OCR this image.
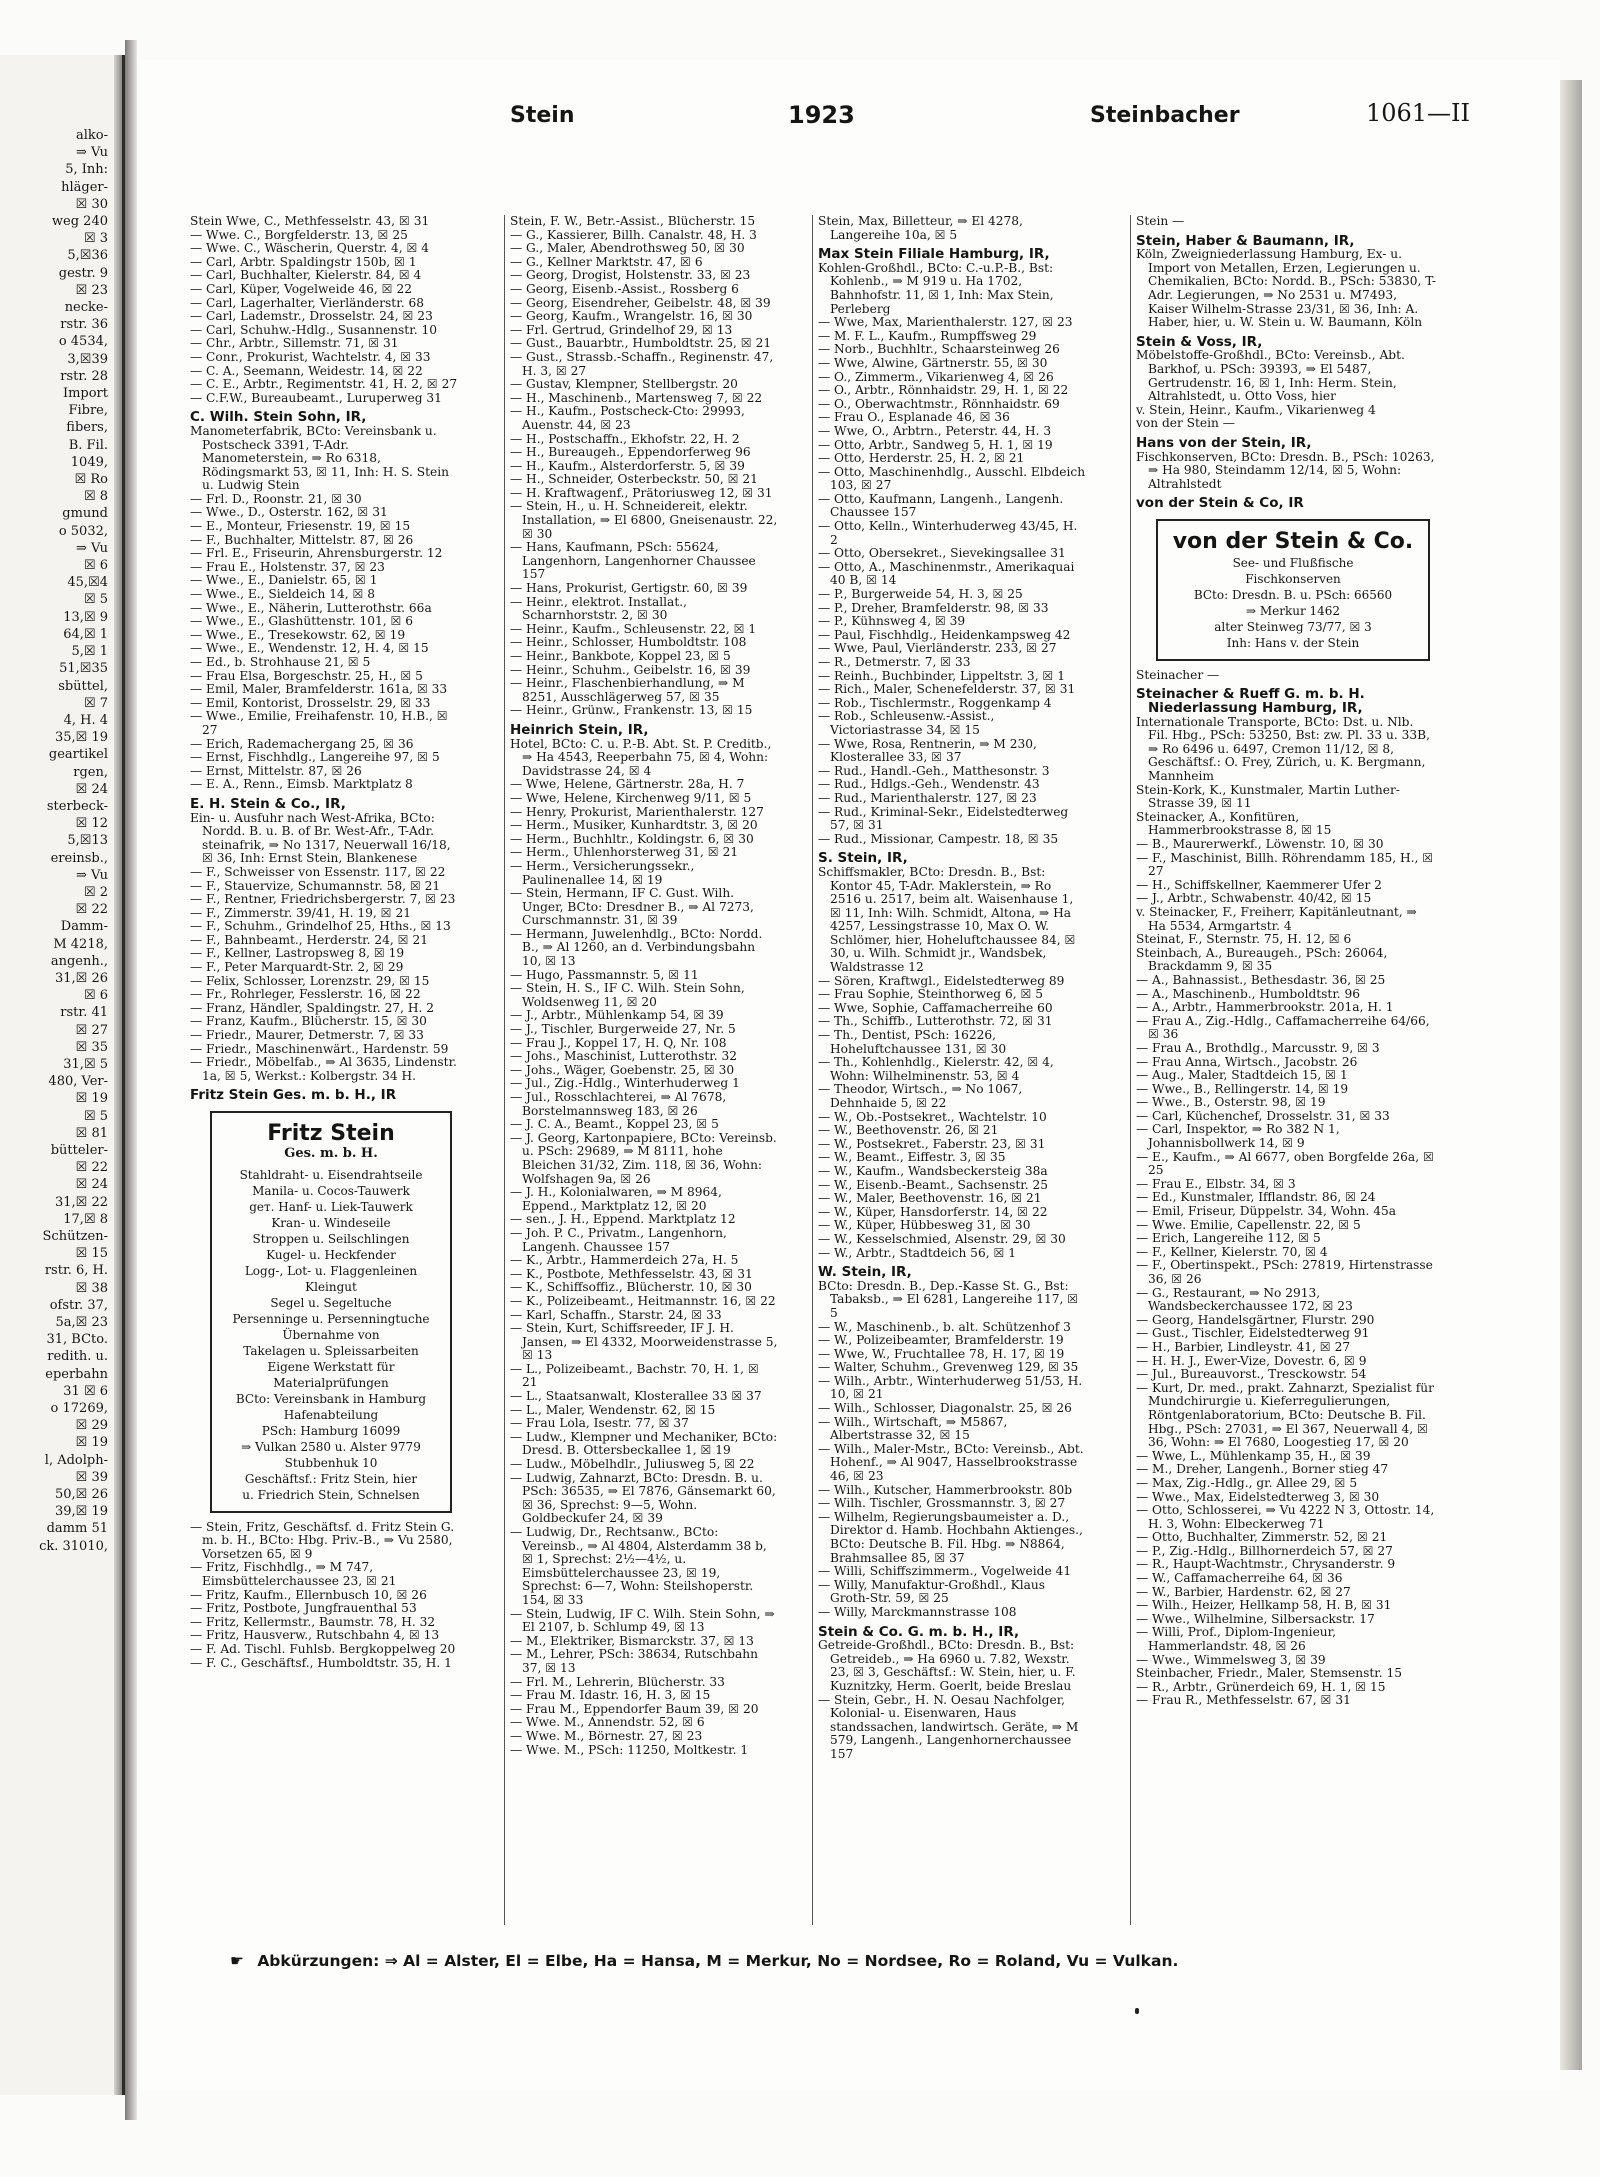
alko-
⇒ Vu
5, Inh:
hläger-
☒ 30
weg 240
☒ 3
5,☒36
gestr. 9
☒ 23
necke-
rstr. 36
o 4534,
3,☒39
rstr. 28
Import
Fibre,
fibers,
B. Fil.
1049,
☒ Ro
☒ 8
gmund
o 5032,
⇒ Vu
☒ 6
45,☒4
☒ 5
13,☒ 9
64,☒ 1
5,☒ 1
51,☒35
sbüttel,
☒ 7
4, H. 4
35,☒ 19
geartikel
rgen,
☒ 24
sterbeck-
☒ 12
5,☒13
ereinsb.,
⇒ Vu
☒ 2
☒ 22
Damm-
M 4218,
angenh.,
31,☒ 26
☒ 6
rstr. 41
☒ 27
☒ 35
31,☒ 5
480, Ver-
☒ 19
☒ 5
☒ 81
bütteler-
☒ 22
☒ 24
31,☒ 22
17,☒ 8
Schützen-
☒ 15
rstr. 6, H.
☒ 38
ofstr. 37,
5a,☒ 23
31, BCto.
redith. u.
eperbahn
31 ☒ 6
o 17269,
☒ 29
☒ 19
l, Adolph-
☒ 39
50,☒ 26
39,☒ 19
damm 51
ck. 31010,
Stein	1923	Steinbacher	1061—II

Stein Wwe, C., Methfesselstr. 43, ☒ 31

— Wwe. C., Borgfelderstr. 13, ☒ 25

— Wwe. C., Wäscherin, Querstr. 4, ☒ 4

— Carl, Arbtr. Spaldingstr 150b, ☒ 1

— Carl, Buchhalter, Kielerstr. 84, ☒ 4

— Carl, Küper, Vogelweide 46, ☒ 22

— Carl, Lagerhalter, Vierländerstr. 68

— Carl, Lademstr., Drosselstr. 24, ☒ 23

— Carl, Schuhw.-Hdlg., Susannenstr. 10

— Chr., Arbtr., Sillemstr. 71, ☒ 31

— Conr., Prokurist, Wachtelstr. 4, ☒ 33

— C. A., Seemann, Weidestr. 14, ☒ 22

— C. E., Arbtr., Regimentstr. 41, H. 2, ☒ 27

— C.F.W., Bureaubeamt., Luruperweg 31

C. Wilh. Stein Sohn, IR,

Manometerfabrik, BCto: Vereinsbank u. Postscheck 3391, T-Adr. Manometerstein, ⇒ Ro 6318, Rödingsmarkt 53, ☒ 11, Inh: H. S. Stein u. Ludwig Stein

— Frl. D., Roonstr. 21, ☒ 30

— Wwe., D., Osterstr. 162, ☒ 31

— E., Monteur, Friesenstr. 19, ☒ 15

— F., Buchhalter, Mittelstr. 87, ☒ 26

— Frl. E., Friseurin, Ahrensburgerstr. 12

— Frau E., Holstenstr. 37, ☒ 23

— Wwe., E., Danielstr. 65, ☒ 1

— Wwe., E., Sieldeich 14, ☒ 8

— Wwe., E., Näherin, Lutterothstr. 66a

— Wwe., E., Glashüttenstr. 101, ☒ 6

— Wwe., E., Tresekowstr. 62, ☒ 19

— Wwe., E., Wendenstr. 12, H. 4, ☒ 15

— Ed., b. Strohhause 21, ☒ 5

— Frau Elsa, Borgeschstr. 25, H., ☒ 5

— Emil, Maler, Bramfelderstr. 161a, ☒ 33

— Emil, Kontorist, Drosselstr. 29, ☒ 33

— Wwe., Emilie, Freihafenstr. 10, H.B., ☒ 27

— Erich, Rademachergang 25, ☒ 36

— Ernst, Fischhdlg., Langereihe 97, ☒ 5

— Ernst, Mittelstr. 87, ☒ 26

— E. A., Renn., Eimsb. Marktplatz 8

E. H. Stein & Co., IR,

Ein- u. Ausfuhr nach West-Afrika, BCto: Nordd. B. u. B. of Br. West-Afr., T-Adr. steinafrik, ⇒ No 1317, Neuerwall 16/18, ☒ 36, Inh: Ernst Stein, Blankenese

— F., Schweisser von Essenstr. 117, ☒ 22

— F., Stauervize, Schumannstr. 58, ☒ 21

— F., Rentner, Friedrichsbergerstr. 7, ☒ 23

— F., Zimmerstr. 39/41, H. 19, ☒ 21

— F., Schuhm., Grindelhof 25, Hths., ☒ 13

— F., Bahnbeamt., Herderstr. 24, ☒ 21

— F., Kellner, Lastropsweg 8, ☒ 19

— F., Peter Marquardt-Str. 2, ☒ 29

— Felix, Schlosser, Lorenzstr. 29, ☒ 15

— Fr., Rohrleger, Fesslerstr. 16, ☒ 22

— Franz, Händler, Spaldingstr. 27, H. 2

— Franz, Kaufm., Blücherstr. 15, ☒ 30

— Friedr., Maurer, Detmerstr. 7, ☒ 33

— Friedr., Maschinenwärt., Hardenstr. 59

— Friedr., Möbelfab., ⇒ Al 3635, Lindenstr. 1a, ☒ 5, Werkst.: Kolbergstr. 34 H.

Fritz Stein Ges. m. b. H., IR

Fritz Stein
Ges. m. b. H.
Stahldraht- u. Eisendrahtseile
Manila- u. Cocos-Tauwerk
geт. Hanf- u. Liek-Tauwerk
Kran- u. Windeseile
Stroppen u. Seilschlingen
Kugel- u. Heckfender
Logg-, Lot- u. Flaggenleinen
Kleingut
Segel u. Segeltuche
Persenninge u. Persenningtuche
Übernahme von
Takelagen u. Spleissarbeiten
Eigene Werkstatt für
Materialprüfungen
BCto: Vereinsbank in Hamburg
Hafenabteilung
PSch: Hamburg 16099
⇒ Vulkan 2580 u. Alster 9779
Stubbenhuk 10
Geschäftsf.: Fritz Stein, hier
u. Friedrich Stein, Schnelsen

— Stein, Fritz, Geschäftsf. d. Fritz Stein G. m. b. H., BCto: Hbg. Priv.-B., ⇒ Vu 2580, Vorsetzen 65, ☒ 9

— Fritz, Fischhdlg., ⇒ M 747, Eimsbüttelerchaussee 23, ☒ 21

— Fritz, Kaufm., Ellernbusch 10, ☒ 26

— Fritz, Postbote, Jungfrauenthal 53

— Fritz, Kellermstr., Baumstr. 78, H. 32

— Fritz, Hausverw., Rutschbahn 4, ☒ 13

— F. Ad. Tischl. Fuhlsb. Bergkoppelweg 20

— F. C., Geschäftsf., Humboldtstr. 35, H. 1

Stein, F. W., Betr.-Assist., Blücherstr. 15

— G., Kassierer, Billh. Canalstr. 48, H. 3

— G., Maler, Abendrothsweg 50, ☒ 30

— G., Kellner Marktstr. 47, ☒ 6

— Georg, Drogist, Holstenstr. 33, ☒ 23

— Georg, Eisenb.-Assist., Rossberg 6

— Georg, Eisendreher, Geibelstr. 48, ☒ 39

— Georg, Kaufm., Wrangelstr. 16, ☒ 30

— Frl. Gertrud, Grindelhof 29, ☒ 13

— Gust., Bauarbtr., Humboldtstr. 25, ☒ 21

— Gust., Strassb.-Schaffn., Reginenstr. 47, H. 3, ☒ 27

— Gustav, Klempner, Stellbergstr. 20

— H., Maschinenb., Martensweg 7, ☒ 22

— H., Kaufm., Postscheck-Cto: 29993, Auenstr. 44, ☒ 23

— H., Postschaffn., Ekhofstr. 22, H. 2

— H., Bureaugeh., Eppendorferweg 96

— H., Kaufm., Alsterdorferstr. 5, ☒ 39

— H., Schneider, Osterbeckstr. 50, ☒ 21

— H. Kraftwagenf., Prätoriusweg 12, ☒ 31

— Stein, H., u. H. Schneidereit, elektr. Installation, ⇒ El 6800, Gneisenaustr. 22, ☒ 30

— Hans, Kaufmann, PSch: 55624, Langenhorn, Langenhorner Chaussee 157

— Hans, Prokurist, Gertigstr. 60, ☒ 39

— Heinr., elektrot. Installat., Scharnhorststr. 2, ☒ 30

— Heinr., Kaufm., Schleusenstr. 22, ☒ 1

— Heinr., Schlosser, Humboldtstr. 108

— Heinr., Bankbote, Koppel 23, ☒ 5

— Heinr., Schuhm., Geibelstr. 16, ☒ 39

— Heinr., Flaschenbierhandlung, ⇒ M 8251, Ausschlägerweg 57, ☒ 35

— Heinr., Grünw., Frankenstr. 13, ☒ 15

Heinrich Stein, IR,

Hotel, BCto: C. u. P.-B. Abt. St. P. Creditb., ⇒ Ha 4543, Reeperbahn 75, ☒ 4, Wohn: Davidstrasse 24, ☒ 4

— Wwe, Helene, Gärtnerstr. 28a, H. 7

— Wwe, Helene, Kirchenweg 9/11, ☒ 5

— Henry, Prokurist, Marienthalerstr. 127

— Herm., Musiker, Kunhardtstr. 3, ☒ 20

— Herm., Buchhltr., Koldingstr. 6, ☒ 30

— Herm., Uhlenhorsterweg 31, ☒ 21

— Herm., Versicherungssekr., Paulinenallee 14, ☒ 19

— Stein, Hermann, IF C. Gust. Wilh. Unger, BCto: Dresdner B., ⇒ Al 7273, Curschmannstr. 31, ☒ 39

— Hermann, Juwelenhdlg., BCto: Nordd. B., ⇒ Al 1260, an d. Verbindungsbahn 10, ☒ 13

— Hugo, Passmannstr. 5, ☒ 11

— Stein, H. S., IF C. Wilh. Stein Sohn, Woldsenweg 11, ☒ 20

— J., Arbtr., Mühlenkamp 54, ☒ 39

— J., Tischler, Burgerweide 27, Nr. 5

— Frau J., Koppel 17, H. Q, Nr. 108

— Johs., Maschinist, Lutterothstr. 32

— Johs., Wäger, Goebenstr. 25, ☒ 30

— Jul., Zig.-Hdlg., Winterhuderweg 1

— Jul., Rosschlachterei, ⇒ Al 7678, Borstelmannsweg 183, ☒ 26

— J. C. A., Beamt., Koppel 23, ☒ 5

— J. Georg, Kartonpapiere, BCto: Vereinsb. u. PSch: 29689, ⇒ M 8111, hohe Bleichen 31/32, Zim. 118, ☒ 36, Wohn: Wolfshagen 9a, ☒ 26

— J. H., Kolonialwaren, ⇒ M 8964, Eppend., Marktplatz 12, ☒ 20

— sen., J. H., Eppend. Marktplatz 12

— Joh. P. C., Privatm., Langenhorn, Langenh. Chaussee 157

— K., Arbtr., Hammerdeich 27a, H. 5

— K., Postbote, Methfesselstr. 43, ☒ 31

— K., Schiffsoffiz., Blücherstr. 10, ☒ 30

— K., Polizeibeamt., Heitmannstr. 16, ☒ 22

— Karl, Schaffn., Starstr. 24, ☒ 33

— Stein, Kurt, Schiffsreeder, IF J. H. Jansen, ⇒ El 4332, Moorweidenstrasse 5, ☒ 13

— L., Polizeibeamt., Bachstr. 70, H. 1, ☒ 21

— L., Staatsanwalt, Klosterallee 33 ☒ 37

— L., Maler, Wendenstr. 62, ☒ 15

— Frau Lola, Isestr. 77, ☒ 37

— Ludw., Klempner und Mechaniker, BCto: Dresd. B. Ottersbeckallee 1, ☒ 19

— Ludw., Möbelhdlr., Juliusweg 5, ☒ 22

— Ludwig, Zahnarzt, BCto: Dresdn. B. u. PSch: 36535, ⇒ El 7876, Gänsemarkt 60, ☒ 36, Sprechst: 9—5, Wohn. Goldbeckufer 24, ☒ 39

— Ludwig, Dr., Rechtsanw., BCto: Vereinsb., ⇒ Al 4804, Alsterdamm 38 b, ☒ 1, Sprechst: 2½—4½, u. Eimsbüttelerchaussee 23, ☒ 19, Sprechst: 6—7, Wohn: Steilshoperstr. 154, ☒ 33

— Stein, Ludwig, IF C. Wilh. Stein Sohn, ⇒ El 2107, b. Schlump 49, ☒ 13

— M., Elektriker, Bismarckstr. 37, ☒ 13

— M., Lehrer, PSch: 38634, Rutschbahn 37, ☒ 13

— Frl. M., Lehrerin, Blücherstr. 33

— Frau M. Idastr. 16, H. 3, ☒ 15

— Frau M., Eppendorfer Baum 39, ☒ 20

— Wwe. M., Annendstr. 52, ☒ 6

— Wwe. M., Börnestr. 27, ☒ 23

— Wwe. M., PSch: 11250, Moltkestr. 1

Stein, Max, Billetteur, ⇒ El 4278, Langereihe 10a, ☒ 5

Max Stein Filiale Hamburg, IR,

Kohlen-Großhdl., BCto: C.-u.P.-B., Bst: Kohlenb., ⇒ M 919 u. Ha 1702, Bahnhofstr. 11, ☒ 1, Inh: Max Stein, Perleberg

— Wwe, Max, Marienthalerstr. 127, ☒ 23

— M. F. L., Kaufm., Rumpffsweg 29

— Norb., Buchhltr., Schaarsteinweg 26

— Wwe, Alwine, Gärtnerstr. 55, ☒ 30

— O., Zimmerm., Vikarienweg 4, ☒ 26

— O., Arbtr., Rönnhaidstr. 29, H. 1, ☒ 22

— O., Oberwachtmstr., Rönnhaidstr. 69

— Frau O., Esplanade 46, ☒ 36

— Wwe, O., Arbtrn., Peterstr. 44, H. 3

— Otto, Arbtr., Sandweg 5, H. 1, ☒ 19

— Otto, Herderstr. 25, H. 2, ☒ 21

— Otto, Maschinenhdlg., Ausschl. Elbdeich 103, ☒ 27

— Otto, Kaufmann, Langenh., Langenh. Chaussee 157

— Otto, Kelln., Winterhuderweg 43/45, H. 2

— Otto, Obersekret., Sievekingsallee 31

— Otto, A., Maschinenmstr., Amerikaquai 40 B, ☒ 14

— P., Burgerweide 54, H. 3, ☒ 25

— P., Dreher, Bramfelderstr. 98, ☒ 33

— P., Kühnsweg 4, ☒ 39

— Paul, Fischhdlg., Heidenkampsweg 42

— Wwe, Paul, Vierländerstr. 233, ☒ 27

— R., Detmerstr. 7, ☒ 33

— Reinh., Buchbinder, Lippeltstr. 3, ☒ 1

— Rich., Maler, Schenefelderstr. 37, ☒ 31

— Rob., Tischlermstr., Roggenkamp 4

— Rob., Schleusenw.-Assist., Victoriastrasse 34, ☒ 15

— Wwe, Rosa, Rentnerin, ⇒ M 230, Klosterallee 33, ☒ 37

— Rud., Handl.-Geh., Matthesonstr. 3

— Rud., Hdlgs.-Geh., Wendenstr. 43

— Rud., Marienthalerstr. 127, ☒ 23

— Rud., Kriminal-Sekr., Eidelstedterweg 57, ☒ 31

— Rud., Missionar, Campestr. 18, ☒ 35

S. Stein, IR,

Schiffsmakler, BCto: Dresdn. B., Bst: Kontor 45, T-Adr. Maklerstein, ⇒ Ro 2516 u. 2517, beim alt. Waisenhause 1, ☒ 11, Inh: Wilh. Schmidt, Altona, ⇒ Ha 4257, Lessingstrasse 10, Max O. W. Schlömer, hier, Hoheluftchaussee 84, ☒ 30, u. Wilh. Schmidt jr., Wandsbek, Waldstrasse 12

— Sören, Kraftwgl., Eidelstedterweg 89

— Frau Sophie, Steinthorweg 6, ☒ 5

— Wwe, Sophie, Caffamacherreihe 60

— Th., Schiffb., Lutterothstr. 72, ☒ 31

— Th., Dentist, PSch: 16226, Hoheluftchaussee 131, ☒ 30

— Th., Kohlenhdlg., Kielerstr. 42, ☒ 4, Wohn: Wilhelminenstr. 53, ☒ 4

— Theodor, Wirtsch., ⇒ No 1067, Dehnhaide 5, ☒ 22

— W., Ob.-Postsekret., Wachtelstr. 10

— W., Beethovenstr. 26, ☒ 21

— W., Postsekret., Faberstr. 23, ☒ 31

— W., Beamt., Eiffestr. 3, ☒ 35

— W., Kaufm., Wandsbeckersteig 38a

— W., Eisenb.-Beamt., Sachsenstr. 25

— W., Maler, Beethovenstr. 16, ☒ 21

— W., Küper, Hansdorferstr. 14, ☒ 22

— W., Küper, Hübbesweg 31, ☒ 30

— W., Kesselschmied, Alsenstr. 29, ☒ 30

— W., Arbtr., Stadtdeich 56, ☒ 1

W. Stein, IR,

BCto: Dresdn. B., Dep.-Kasse St. G., Bst: Tabaksb., ⇒ El 6281, Langereihe 117, ☒ 5

— W., Maschinenb., b. alt. Schützenhof 3

— W., Polizeibeamter, Bramfelderstr. 19

— Wwe, W., Fruchtallee 78, H. 17, ☒ 19

— Walter, Schuhm., Grevenweg 129, ☒ 35

— Wilh., Arbtr., Winterhuderweg 51/53, H. 10, ☒ 21

— Wilh., Schlosser, Diagonalstr. 25, ☒ 26

— Wilh., Wirtschaft, ⇒ M5867, Albertstrasse 32, ☒ 15

— Wilh., Maler-Mstr., BCto: Vereinsb., Abt. Hohenf., ⇒ Al 9047, Hasselbrookstrasse 46, ☒ 23

— Wilh., Kutscher, Hammerbrookstr. 80b

— Wilh. Tischler, Grossmannstr. 3, ☒ 27

— Wilhelm, Regierungsbaumeister a. D., Direktor d. Hamb. Hochbahn Aktienges., BCto: Deutsche B. Fil. Hbg. ⇒ N8864, Brahmsallee 85, ☒ 37

— Willi, Schiffszimmerm., Vogelweide 41

— Willy, Manufaktur-Großhdl., Klaus Groth-Str. 59, ☒ 25

— Willy, Marckmannstrasse 108

Stein & Co. G. m. b. H., IR,

Getreide-Großhdl., BCto: Dresdn. B., Bst: Getreideb., ⇒ Ha 6960 u. 7.82, Wexstr. 23, ☒ 3, Geschäftsf.: W. Stein, hier, u. F. Kuznitzky, Herm. Goerlt, beide Breslau

— Stein, Gebr., H. N. Oesau Nachfolger, Kolonial- u. Eisenwaren, Haus standssachen, landwirtsch. Geräte, ⇒ M 579, Langenh., Langenhornerchaussee 157

Stein —

Stein, Haber & Baumann, IR,

Köln, Zweigniederlassung Hamburg, Ex- u. Import von Metallen, Erzen, Legierungen u. Chemikalien, BCto: Nordd. B., PSch: 53830, T-Adr. Legierungen, ⇒ No 2531 u. M7493, Kaiser Wilhelm-Strasse 23/31, ☒ 36, Inh: A. Haber, hier, u. W. Stein u. W. Baumann, Köln

Stein & Voss, IR,

Möbelstoffe-Großhdl., BCto: Vereinsb., Abt. Barkhof, u. PSch: 39393, ⇒ El 5487, Gertrudenstr. 16, ☒ 1, Inh: Herm. Stein, Altrahlstedt, u. Otto Voss, hier

v. Stein, Heinr., Kaufm., Vikarienweg 4

von der Stein —

Hans von der Stein, IR,

Fischkonserven, BCto: Dresdn. B., PSch: 10263, ⇒ Ha 980, Steindamm 12/14, ☒ 5, Wohn: Altrahlstedt

von der Stein & Co, IR

von der Stein & Co.
See- und Flußfische
Fischkonserven
BCto: Dresdn. B. u. PSch: 66560
⇒ Merkur 1462
alter Steinweg 73/77, ☒ 3
Inh: Hans v. der Stein

Steinacher —

Steinacher & Rueff G. m. b. H. Niederlassung Hamburg, IR,

Internationale Transporte, BCto: Dst. u. Nlb. Fil. Hbg., PSch: 53250, Bst: zw. Pl. 33 u. 33B, ⇒ Ro 6496 u. 6497, Cremon 11/12, ☒ 8, Geschäftsf.: O. Frey, Zürich, u. K. Bergmann, Mannheim

Stein-Kork, K., Kunstmaler, Martin Luther-Strasse 39, ☒ 11

Steinacker, A., Konfitüren, Hammerbrookstrasse 8, ☒ 15

— B., Maurerwerkf., Löwenstr. 10, ☒ 30

— F., Maschinist, Billh. Röhrendamm 185, H., ☒ 27

— H., Schiffskellner, Kaemmerer Ufer 2

— J., Arbtr., Schwabenstr. 40/42, ☒ 15

v. Steinacker, F., Freiherr, Kapitänleutnant, ⇒ Ha 5534, Armgartstr. 4

Steinat, F., Sternstr. 75, H. 12, ☒ 6

Steinbach, A., Bureaugeh., PSch: 26064, Brackdamm 9, ☒ 35

— A., Bahnassist., Bethesdastr. 36, ☒ 25

— A., Maschinenb., Humboldtstr. 96

— A., Arbtr., Hammerbrookstr. 201a, H. 1

— Frau A., Zig.-Hdlg., Caffamacherreihe 64/66, ☒ 36

— Frau A., Brothdlg., Marcusstr. 9, ☒ 3

— Frau Anna, Wirtsch., Jacobstr. 26

— Aug., Maler, Stadtdeich 15, ☒ 1

— Wwe., B., Rellingerstr. 14, ☒ 19

— Wwe., B., Osterstr. 98, ☒ 19

— Carl, Küchenchef, Drosselstr. 31, ☒ 33

— Carl, Inspektor, ⇒ Ro 382 N 1, Johannisbollwerk 14, ☒ 9

— E., Kaufm., ⇒ Al 6677, oben Borgfelde 26a, ☒ 25

— Frau E., Elbstr. 34, ☒ 3

— Ed., Kunstmaler, Ifflandstr. 86, ☒ 24

— Emil, Friseur, Düppelstr. 34, Wohn. 45a

— Wwe. Emilie, Capellenstr. 22, ☒ 5

— Erich, Langereihe 112, ☒ 5

— F., Kellner, Kielerstr. 70, ☒ 4

— F., Obertinspekt., PSch: 27819, Hirtenstrasse 36, ☒ 26

— G., Restaurant, ⇒ No 2913, Wandsbeckerchaussee 172, ☒ 23

— Georg, Handelsgärtner, Flurstr. 290

— Gust., Tischler, Eidelstedterweg 91

— H., Barbier, Lindleystr. 41, ☒ 27

— H. H. J., Ewer-Vize, Dovestr. 6, ☒ 9

— Jul., Bureauvorst., Tresckowstr. 54

— Kurt, Dr. med., prakt. Zahnarzt, Spezialist für Mundchirurgie u. Kieferregulierungen, Röntgenlaboratorium, BCto: Deutsche B. Fil. Hbg., PSch: 27031, ⇒ El 367, Neuerwall 4, ☒ 36, Wohn: ⇒ El 7680, Loogestieg 17, ☒ 20

— Wwe, L., Mühlenkamp 35, H., ☒ 39

— M., Dreher, Langenh., Borner stieg 47

— Max, Zig.-Hdlg., gr. Allee 29, ☒ 5

— Wwe., Max, Eidelstedterweg 3, ☒ 30

— Otto, Schlosserei, ⇒ Vu 4222 N 3, Ottostr. 14, H. 3, Wohn: Elbeckerweg 71

— Otto, Buchhalter, Zimmerstr. 52, ☒ 21

— P., Zig.-Hdlg., Billhornerdeich 57, ☒ 27

— R., Haupt-Wachtmstr., Chrysanderstr. 9

— W., Caffamacherreihe 64, ☒ 36

— W., Barbier, Hardenstr. 62, ☒ 27

— Wilh., Heizer, Hellkamp 58, H. B, ☒ 31

— Wwe., Wilhelmine, Silbersackstr. 17

— Willi, Prof., Diplom-Ingenieur, Hammerlandstr. 48, ☒ 26

— Wwe., Wimmelsweg 3, ☒ 39

Steinbacher, Friedr., Maler, Stemsenstr. 15

— R., Arbtr., Grünerdeich 69, H. 1, ☒ 15

— Frau R., Methfesselstr. 67, ☒ 31

☛ Abkürzungen: ⇒ Al = Alster, El = Elbe, Ha = Hansa, M = Merkur, No = Nordsee, Ro = Roland, Vu = Vulkan.
